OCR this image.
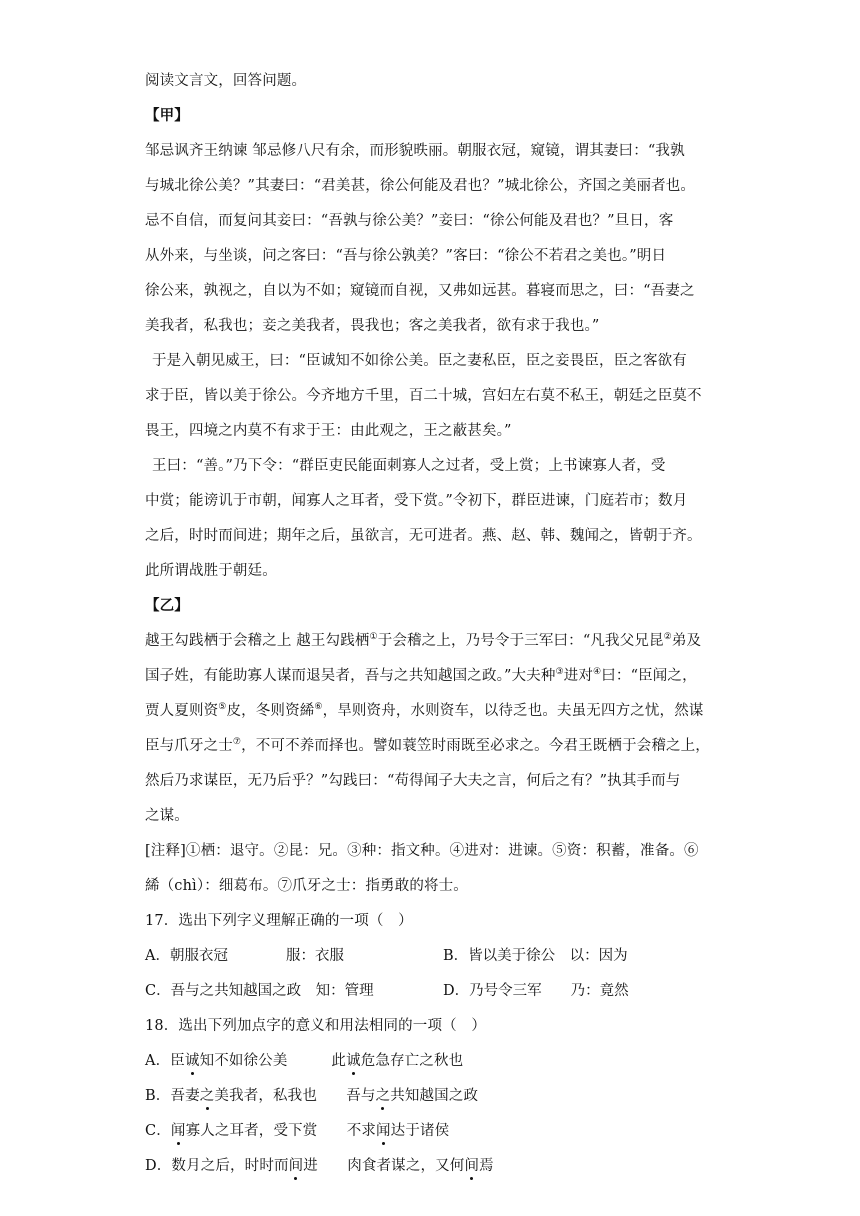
阅读文言文，回答问题。
【甲】
邹忌讽齐王纳谏 邹忌修八尺有余，而形貌昳丽。朝服衣冠，窥镜，谓其妻曰：“我孰
与城北徐公美？”其妻曰：“君美甚，徐公何能及君也？”城北徐公，齐国之美丽者也。
忌不自信，而复问其妾曰：“吾孰与徐公美？”妾曰：“徐公何能及君也？”旦日，客
从外来，与坐谈，问之客曰：“吾与徐公孰美？”客曰：“徐公不若君之美也。”明日
徐公来，孰视之，自以为不如；窥镜而自视，又弗如远甚。暮寝而思之，曰：“吾妻之
美我者，私我也；妾之美我者，畏我也；客之美我者，欲有求于我也。”
于是入朝见威王，曰：“臣诚知不如徐公美。臣之妻私臣，臣之妾畏臣，臣之客欲有
求于臣，皆以美于徐公。今齐地方千里，百二十城，宫妇左右莫不私王，朝廷之臣莫不
畏王，四境之内莫不有求于王：由此观之，王之蔽甚矣。”
王曰：“善。”乃下令：“群臣吏民能面刺寡人之过者，受上赏；上书谏寡人者，受
中赏；能谤讥于市朝，闻寡人之耳者，受下赏。”令初下，群臣进谏，门庭若市；数月
之后，时时而间进；期年之后，虽欲言，无可进者。燕、赵、韩、魏闻之，皆朝于齐。
此所谓战胜于朝廷。
【乙】
越王勾践栖于会稽之上 越王勾践栖①于会稽之上，乃号令于三军曰：“凡我父兄昆②弟及
国子姓，有能助寡人谋而退吴者，吾与之共知越国之政。”大夫种③进对④曰：“臣闻之，
贾人夏则资⑤皮，冬则资絺⑥，旱则资舟，水则资车，以待乏也。夫虽无四方之忧，然谋
臣与爪牙之士⑦，不可不养而择也。譬如蓑笠时雨既至必求之。今君王既栖于会稽之上，
然后乃求谋臣，无乃后乎？”勾践曰：“苟得闻子大夫之言，何后之有？”执其手而与
之谋。
[注释]①栖：退守。②昆：兄。③种：指文种。④进对：进谏。⑤资：积蓄，准备。⑥
絺（chì）：细葛布。⑦爪牙之士：指勇敢的将士。
17．选出下列字义理解正确的一项（　）
A．朝服衣冠　　　　服：衣服	B．皆以美于徐公　以：因为
C．吾与之共知越国之政　知：管理	D．乃号令三军　　乃：竟然
18．选出下列加点字的意义和用法相同的一项（　）
A．臣诚知不如徐公美　　　此诚危急存亡之秋也
B．吾妻之美我者，私我也　　吾与之共知越国之政
C．闻寡人之耳者，受下赏　　不求闻达于诸侯
D．数月之后，时时而间进　　肉食者谋之，又何间焉
